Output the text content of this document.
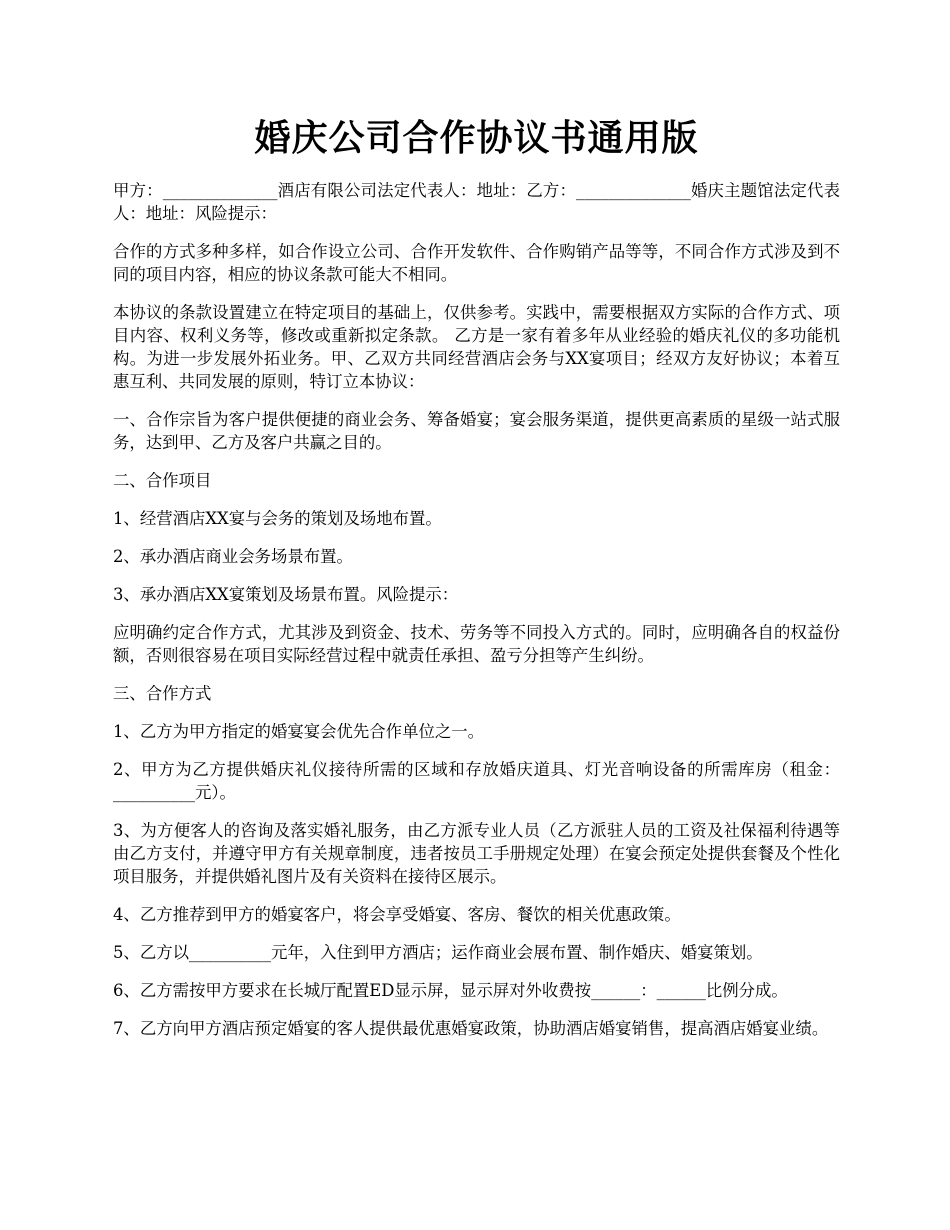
婚庆公司合作协议书通用版

甲方：______________酒店有限公司法定代表人：地址：乙方：______________婚庆主题馆法定代表人：地址：风险提示：

合作的方式多种多样，如合作设立公司、合作开发软件、合作购销产品等等，不同合作方式涉及到不同的项目内容，相应的协议条款可能大不相同。

本协议的条款设置建立在特定项目的基础上，仅供参考。实践中，需要根据双方实际的合作方式、项目内容、权利义务等，修改或重新拟定条款。 乙方是一家有着多年从业经验的婚庆礼仪的多功能机构。为进一步发展外拓业务。甲、乙双方共同经营酒店会务与XX宴项目；经双方友好协议；本着互惠互利、共同发展的原则，特订立本协议：

一、合作宗旨为客户提供便捷的商业会务、筹备婚宴；宴会服务渠道，提供更高素质的星级一站式服务，达到甲、乙方及客户共赢之目的。

二、合作项目

1、经营酒店XX宴与会务的策划及场地布置。

2、承办酒店商业会务场景布置。

3、承办酒店XX宴策划及场景布置。风险提示：

应明确约定合作方式，尤其涉及到资金、技术、劳务等不同投入方式的。同时，应明确各自的权益份额，否则很容易在项目实际经营过程中就责任承担、盈亏分担等产生纠纷。

三、合作方式

1、乙方为甲方指定的婚宴宴会优先合作单位之一。

2、甲方为乙方提供婚庆礼仪接待所需的区域和存放婚庆道具、灯光音响设备的所需库房（租金：__________元）。

3、为方便客人的咨询及落实婚礼服务，由乙方派专业人员（乙方派驻人员的工资及社保福利待遇等由乙方支付，并遵守甲方有关规章制度，违者按员工手册规定处理）在宴会预定处提供套餐及个性化项目服务，并提供婚礼图片及有关资料在接待区展示。

4、乙方推荐到甲方的婚宴客户，将会享受婚宴、客房、餐饮的相关优惠政策。

5、乙方以__________元年，入住到甲方酒店；运作商业会展布置、制作婚庆、婚宴策划。

6、乙方需按甲方要求在长城厅配置ED显示屏，显示屏对外收费按______：______比例分成。

7、乙方向甲方酒店预定婚宴的客人提供最优惠婚宴政策，协助酒店婚宴销售，提高酒店婚宴业绩。
